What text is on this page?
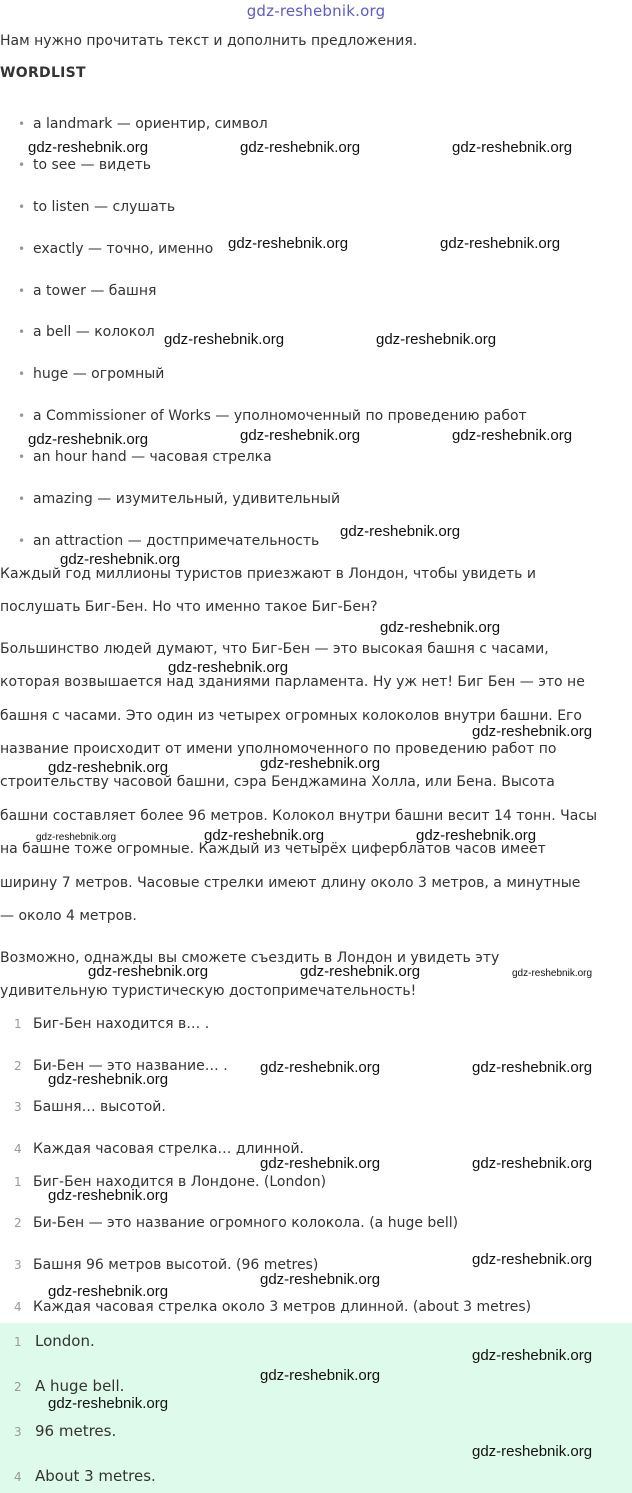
gdz-reshebnik.org
Нам нужно прочитать текст и дополнить предложения.
WORDLIST
• a landmark — ориентир, символ
• to see — видеть
• to listen — слушать
• exactly — точно, именно
• a tower — башня
• a bell — колокол
• huge — огромный
• a Commissioner of Works — уполномоченный по проведению работ
• an hour hand — часовая стрелка
• amazing — изумительный, удивительный
• an attraction — достпримечательность
Каждый год миллионы туристов приезжают в Лондон, чтобы увидеть и
послушать Биг-Бен. Но что именно такое Биг-Бен?
Большинство людей думают, что Биг-Бен — это высокая башня с часами,
которая возвышается над зданиями парламента. Ну уж нет! Биг Бен — это не
башня с часами. Это один из четырех огромных колоколов внутри башни. Его
название происходит от имени уполномоченного по проведению работ по
строительству часовой башни, сэра Бенджамина Холла, или Бена. Высота
башни составляет более 96 метров. Колокол внутри башни весит 14 тонн. Часы
на башне тоже огромные. Каждый из четырёх циферблатов часов имеет
ширину 7 метров. Часовые стрелки имеют длину около 3 метров, а минутные
— около 4 метров.
Возможно, однажды вы сможете съездить в Лондон и увидеть эту
удивительную туристическую достопримечательность!
1 Биг-Бен находится в… .
2 Би-Бен — это название… .
3 Башня… высотой.
4 Каждая часовая стрелка… длинной.
1 Биг-Бен находится в Лондоне. (London)
2 Би-Бен — это название огромного колокола. (a huge bell)
3 Башня 96 метров высотой. (96 metres)
4 Каждая часовая стрелка около 3 метров длинной. (about 3 metres)
1 London.
2 A huge bell.
3 96 metres.
4 About 3 metres.
gdz-reshebnik.org	gdz-reshebnik.org	gdz-reshebnik.org
gdz-reshebnik.org	gdz-reshebnik.org
gdz-reshebnik.org	gdz-reshebnik.org
gdz-reshebnik.org	gdz-reshebnik.org	gdz-reshebnik.org
gdz-reshebnik.org
gdz-reshebnik.org
gdz-reshebnik.org
gdz-reshebnik.org
gdz-reshebnik.org
gdz-reshebnik.org	gdz-reshebnik.org
gdz-reshebnik.org	gdz-reshebnik.org	gdz-reshebnik.org
gdz-reshebnik.org	gdz-reshebnik.org	gdz-reshebnik.org
gdz-reshebnik.org	gdz-reshebnik.org
gdz-reshebnik.org
gdz-reshebnik.org	gdz-reshebnik.org
gdz-reshebnik.org
gdz-reshebnik.org
gdz-reshebnik.org
gdz-reshebnik.org
gdz-reshebnik.org
gdz-reshebnik.org
gdz-reshebnik.org
gdz-reshebnik.org
